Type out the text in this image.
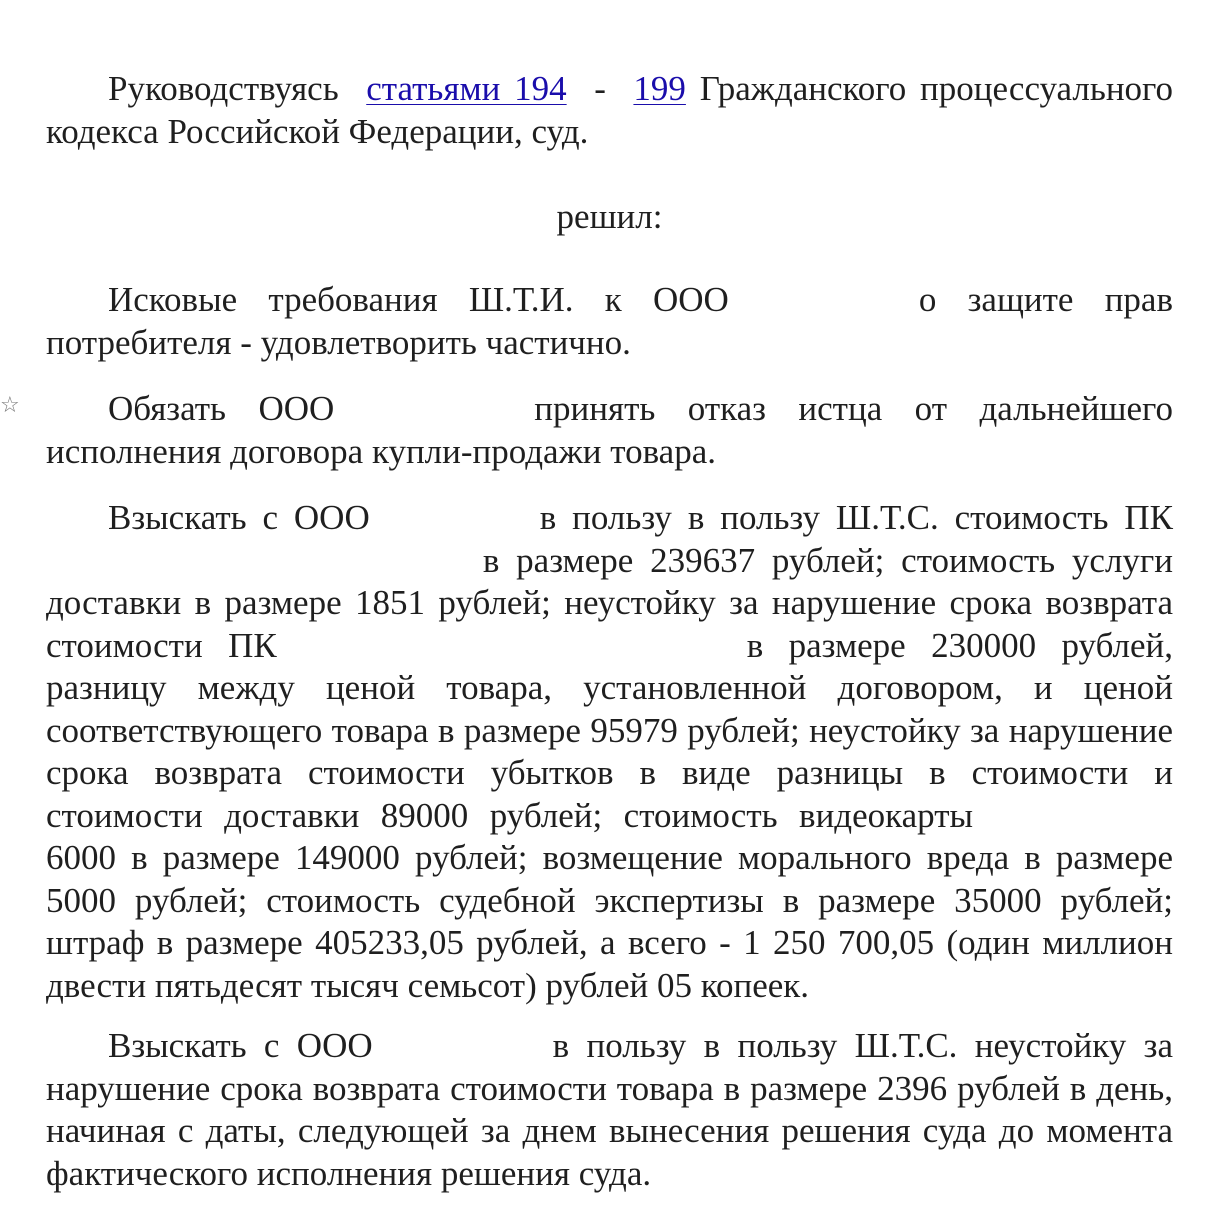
☆

Руководствуясь статьями 194 - 199 Гражданского процессуального кодекса Российской Федерации, суд.

решил:

Исковые требования Ш.Т.И. к ООО	о защите прав потребителя - удовлетворить частично.

Обязать ООО	принять отказ истца от дальнейшего исполнения договора купли-продажи товара.

Взыскать с ООО	в пользу в пользу Ш.Т.С. стоимость ПК  в размере 239637 рублей; стоимость услуги доставки в размере 1851 рублей; неустойку за нарушение срока возврата стоимости ПК	в размере 230000 рублей, разницу между ценой товара, установленной договором, и ценой соответствующего товара в размере 95979 рублей; неустойку за нарушение срока возврата стоимости убытков в виде разницы в стоимости и стоимости доставки 89000 рублей; стоимость видеокарты 6000 в размере 149000 рублей; возмещение морального вреда в размере 5000 рублей; стоимость судебной экспертизы в размере 35000 рублей; штраф в размере 405233,05 рублей, а всего - 1 250 700,05 (один миллион двести пятьдесят тысяч семьсот) рублей 05 копеек.

Взыскать с ООО	в пользу в пользу Ш.Т.С. неустойку за нарушение срока возврата стоимости товара в размере 2396 рублей в день, начиная с даты, следующей за днем вынесения решения суда до момента фактического исполнения решения суда.
